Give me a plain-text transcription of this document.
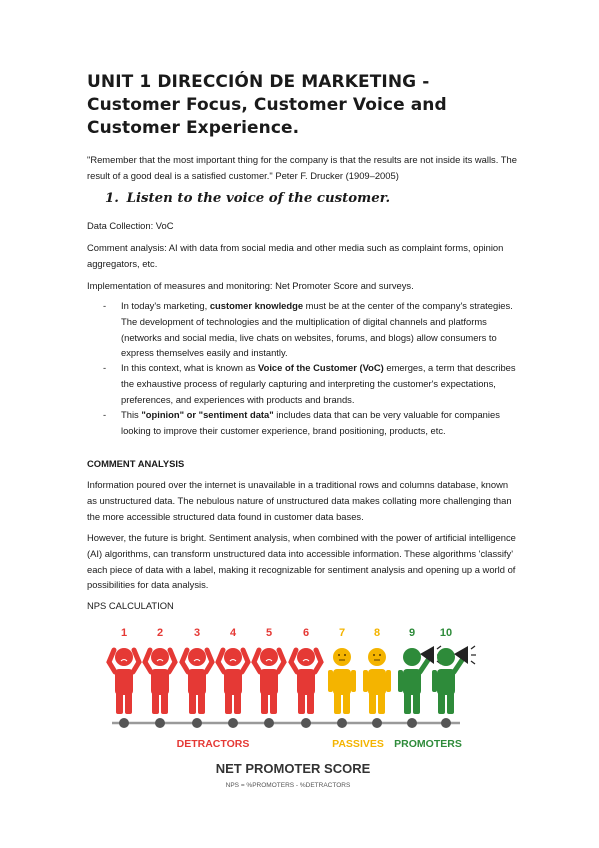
UNIT 1 DIRECCIÓN DE MARKETING - Customer Focus, Customer Voice and Customer Experience.

"Remember that the most important thing for the company is that the results are not inside its walls. The result of a good deal is a satisfied customer." Peter F. Drucker (1909–2005)

1. Listen to the voice of the customer.

Data Collection: VoC

Comment analysis: AI with data from social media and other media such as complaint forms, opinion aggregators, etc.

Implementation of measures and monitoring: Net Promoter Score and surveys.

- In today's marketing, customer knowledge must be at the center of the company's strategies. The development of technologies and the multiplication of digital channels and platforms (networks and social media, live chats on websites, forums, and blogs) allow consumers to express themselves easily and instantly.
- In this context, what is known as Voice of the Customer (VoC) emerges, a term that describes the exhaustive process of regularly capturing and interpreting the customer's expectations, preferences, and experiences with products and brands.
- This "opinion" or "sentiment data" includes data that can be very valuable for companies looking to improve their customer experience, brand positioning, products, etc.

COMMENT ANALYSIS

Information poured over the internet is unavailable in a traditional rows and columns database, known as unstructured data. The nebulous nature of unstructured data makes collating more challenging than the more accessible structured data found in customer data bases.

However, the future is bright. Sentiment analysis, when combined with the power of artificial intelligence (AI) algorithms, can transform unstructured data into accessible information. These algorithms 'classify' each piece of data with a label, making it recognizable for sentiment analysis and opening up a world of possibilities for data analysis.

NPS CALCULATION

1	2	3	4	5	6	7	8	9 10
DETRACTORS	PASSIVES PROMOTERS
NET PROMOTER SCORE
NPS = %PROMOTERS - %DETRACTORS
